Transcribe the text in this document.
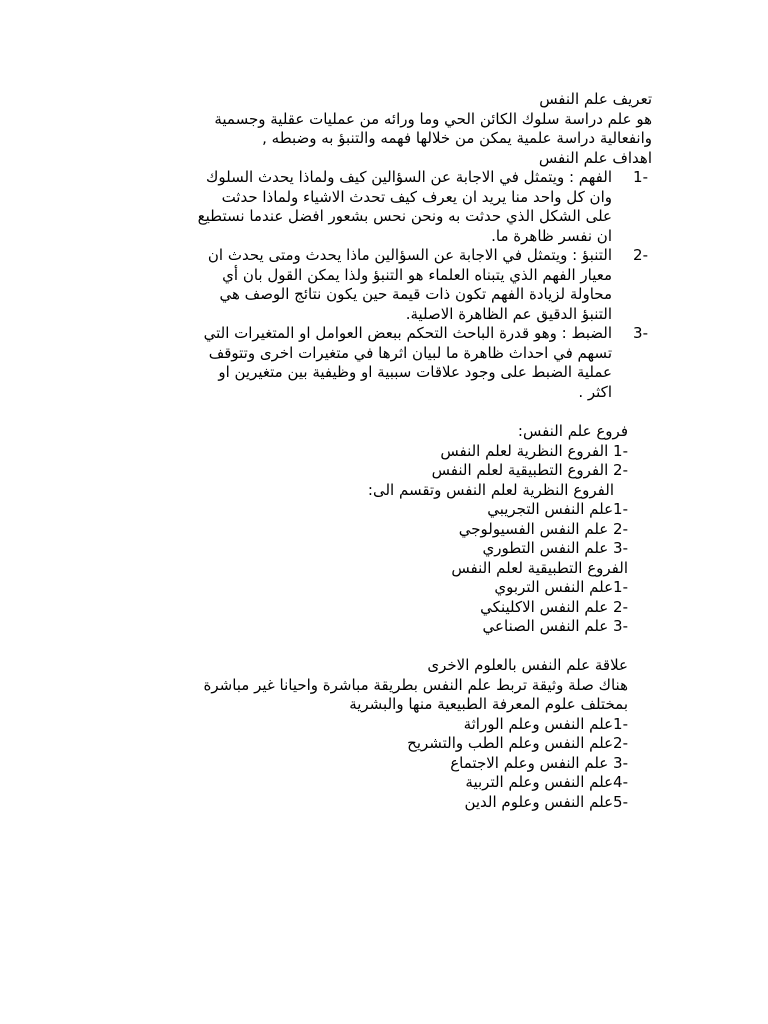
تعريف علم النفس

هو علم دراسة سلوك الكائن الحي وما ورائه من عمليات عقلية وجسمية

وانفعالية دراسة علمية يمكن من خلالها فهمه والتنبؤ به وضبطه ,

اهداف علم النفس

-1

الفهم : ويتمثل في الاجابة عن السؤالين كيف ولماذا يحدث السلوك

وان كل واحد منا يريد ان يعرف كيف تحدث الاشياء ولماذا حدثت

على الشكل الذي حدثت به ونحن نحس بشعور افضل عندما نستطيع

ان نفسر ظاهرة ما.

-2

التنبؤ : ويتمثل في الاجابة عن السؤالين ماذا يحدث ومتى يحدث ان

معيار الفهم الذي يتبناه العلماء هو التنبؤ ولذا يمكن القول بان أي

محاولة لزيادة الفهم تكون ذات قيمة حين يكون نتائج الوصف هي

التنبؤ الدقيق عم الظاهرة الاصلية.

-3

الضبط : وهو قدرة الباحث التحكم ببعض العوامل او المتغيرات التي

تسهم في احداث ظاهرة ما لبيان اثرها في متغيرات اخرى وتتوقف

عملية الضبط على وجود علاقات سببية او وظيفية بين متغيرين او

اكثر .

فروع علم النفس:

-1 الفروع النظرية لعلم النفس

-2 الفروع التطبيقية لعلم النفس

الفروع النظرية لعلم النفس وتقسم الى:

-1علم النفس التجريبي

-2 علم النفس الفسيولوجي

-3 علم النفس التطوري

الفروع التطبيقية لعلم النفس

-1علم النفس التربوي

-2 علم النفس الاكلينكي

-3 علم النفس الصناعي

علاقة علم النفس بالعلوم الاخرى

هناك صلة وثيقة تربط علم النفس بطريقة مباشرة واحيانا غير مباشرة

بمختلف علوم المعرفة الطبيعية منها والبشرية

-1علم النفس وعلم الوراثة

-2علم النفس وعلم الطب والتشريح

-3 علم النفس وعلم الاجتماع

-4علم النفس وعلم التربية

-5علم النفس وعلوم الدين
